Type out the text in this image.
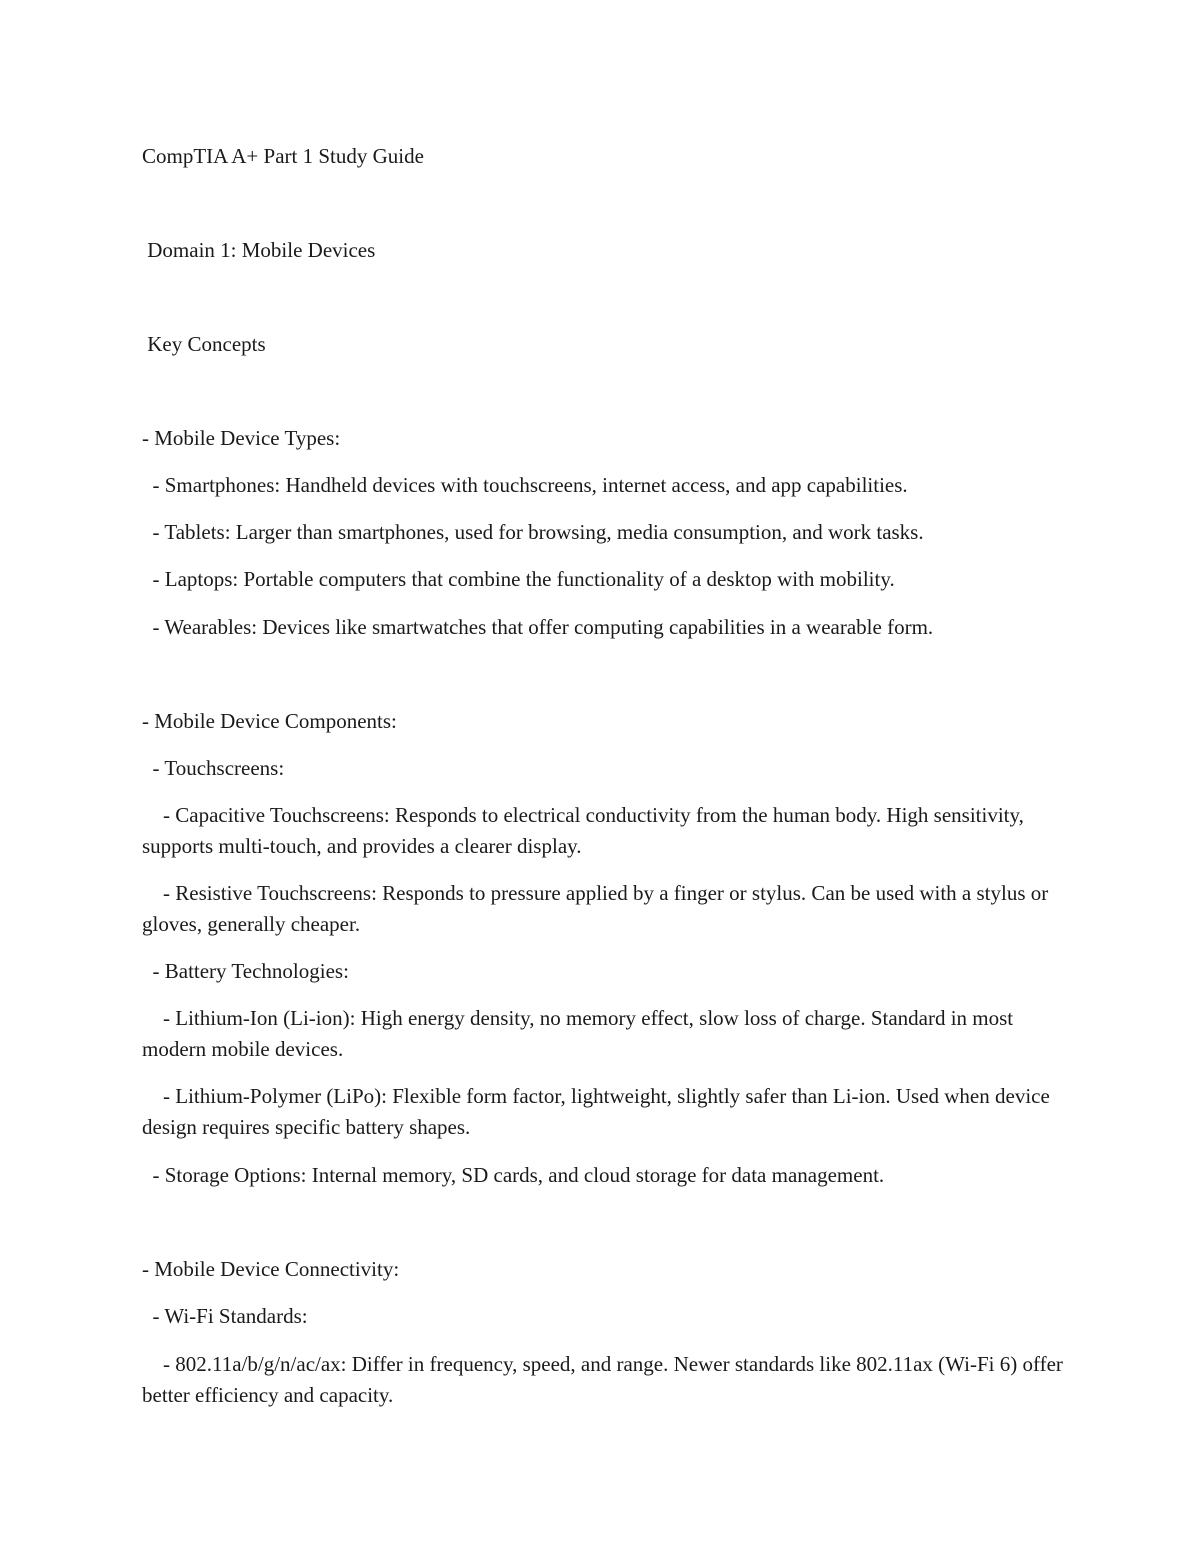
CompTIA A+ Part 1 Study Guide
Domain 1: Mobile Devices
Key Concepts
- Mobile Device Types:
- Smartphones: Handheld devices with touchscreens, internet access, and app capabilities.
- Tablets: Larger than smartphones, used for browsing, media consumption, and work tasks.
- Laptops: Portable computers that combine the functionality of a desktop with mobility.
- Wearables: Devices like smartwatches that offer computing capabilities in a wearable form.
- Mobile Device Components:
- Touchscreens:
- Capacitive Touchscreens: Responds to electrical conductivity from the human body. High sensitivity, supports multi-touch, and provides a clearer display.
- Resistive Touchscreens: Responds to pressure applied by a finger or stylus. Can be used with a stylus or gloves, generally cheaper.
- Battery Technologies:
- Lithium-Ion (Li-ion): High energy density, no memory effect, slow loss of charge. Standard in most modern mobile devices.
- Lithium-Polymer (LiPo): Flexible form factor, lightweight, slightly safer than Li-ion. Used when device design requires specific battery shapes.
- Storage Options: Internal memory, SD cards, and cloud storage for data management.
- Mobile Device Connectivity:
- Wi-Fi Standards:
- 802.11a/b/g/n/ac/ax: Differ in frequency, speed, and range. Newer standards like 802.11ax (Wi-Fi 6) offer better efficiency and capacity.
